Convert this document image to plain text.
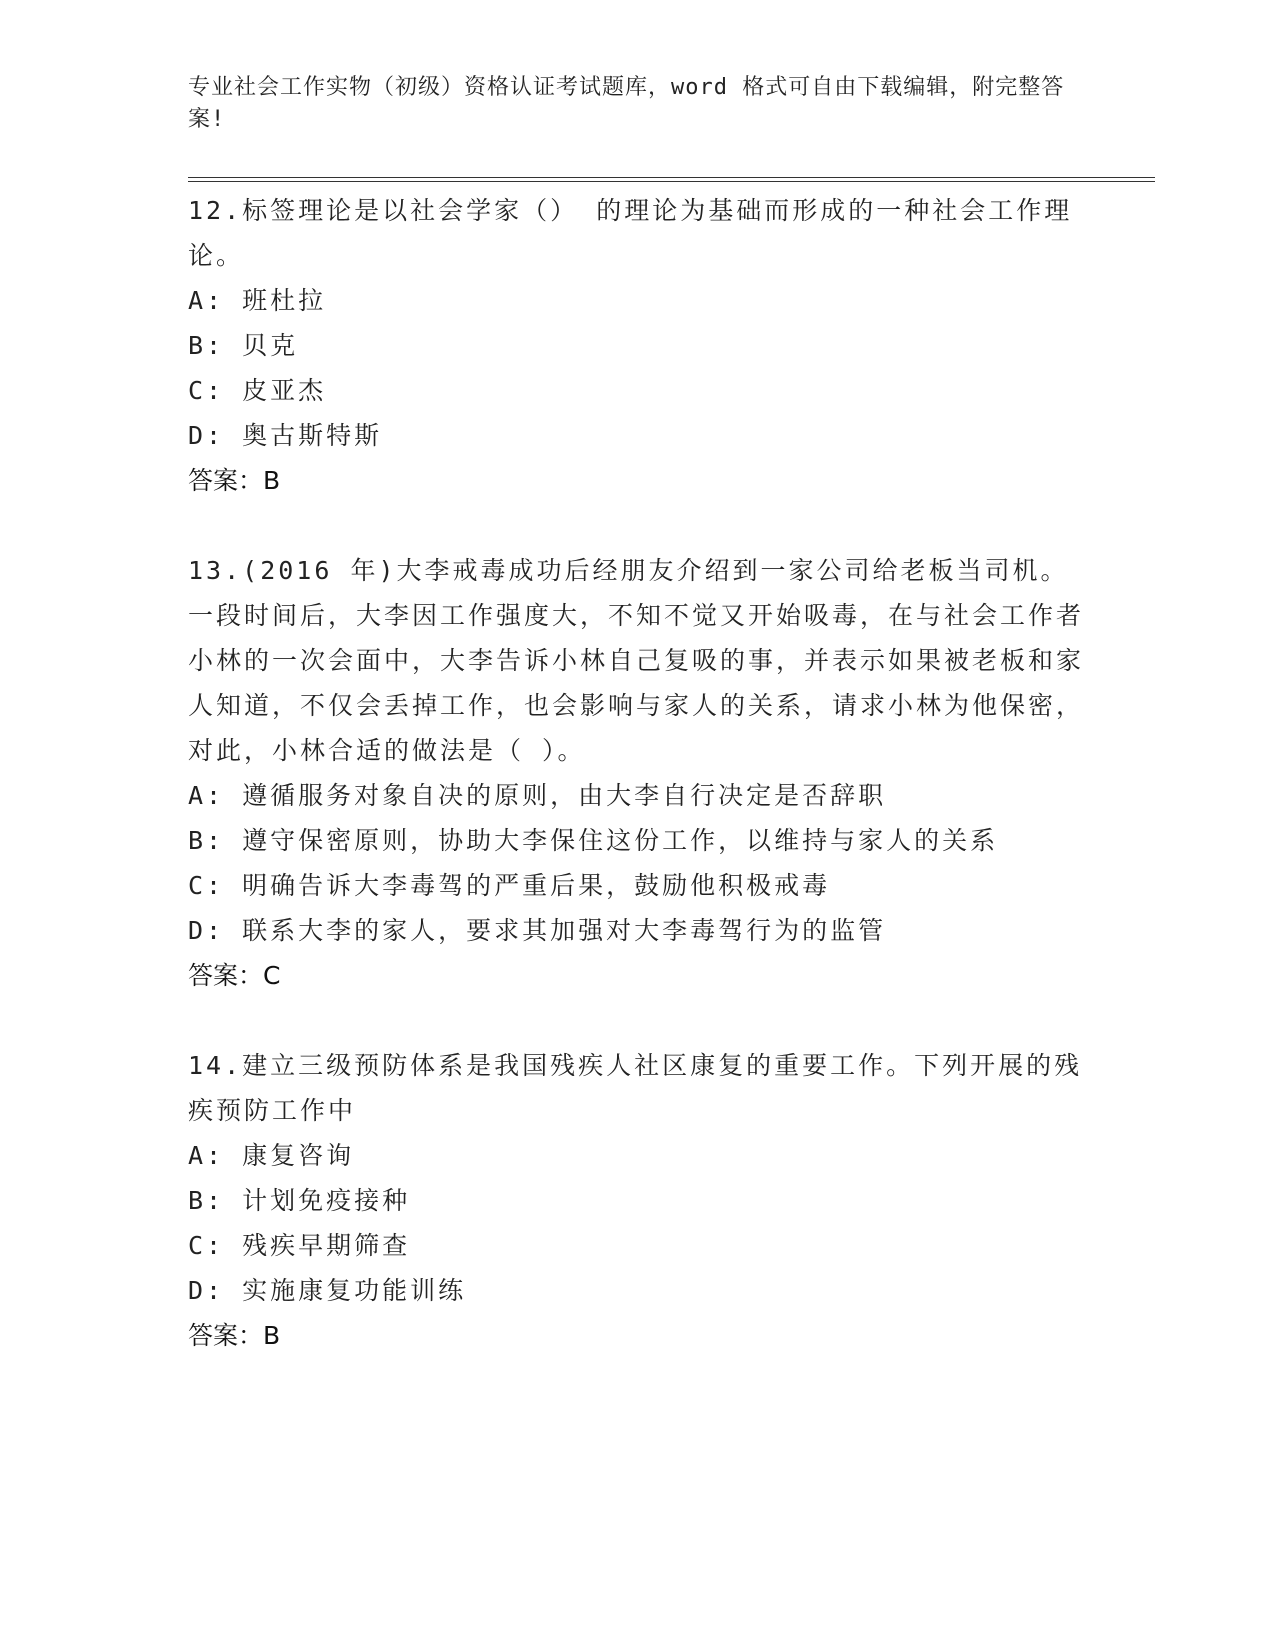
专业社会工作实物（初级）资格认证考试题库，word 格式可自由下载编辑，附完整答案!
12.标签理论是以社会学家（） 的理论为基础而形成的一种社会工作理论。
A: 班杜拉
B: 贝克
C: 皮亚杰
D: 奥古斯特斯
答案：B
13.(2016 年)大李戒毒成功后经朋友介绍到一家公司给老板当司机。一段时间后，大李因工作强度大，不知不觉又开始吸毒，在与社会工作者小林的一次会面中，大李告诉小林自己复吸的事，并表示如果被老板和家人知道，不仅会丢掉工作，也会影响与家人的关系，请求小林为他保密，对此，小林合适的做法是（ ）。
A: 遵循服务对象自决的原则，由大李自行决定是否辞职
B: 遵守保密原则，协助大李保住这份工作，以维持与家人的关系
C: 明确告诉大李毒驾的严重后果，鼓励他积极戒毒
D: 联系大李的家人，要求其加强对大李毒驾行为的监管
答案：C
14.建立三级预防体系是我国残疾人社区康复的重要工作。下列开展的残疾预防工作中
A: 康复咨询
B: 计划免疫接种
C: 残疾早期筛查
D: 实施康复功能训练
答案：B
